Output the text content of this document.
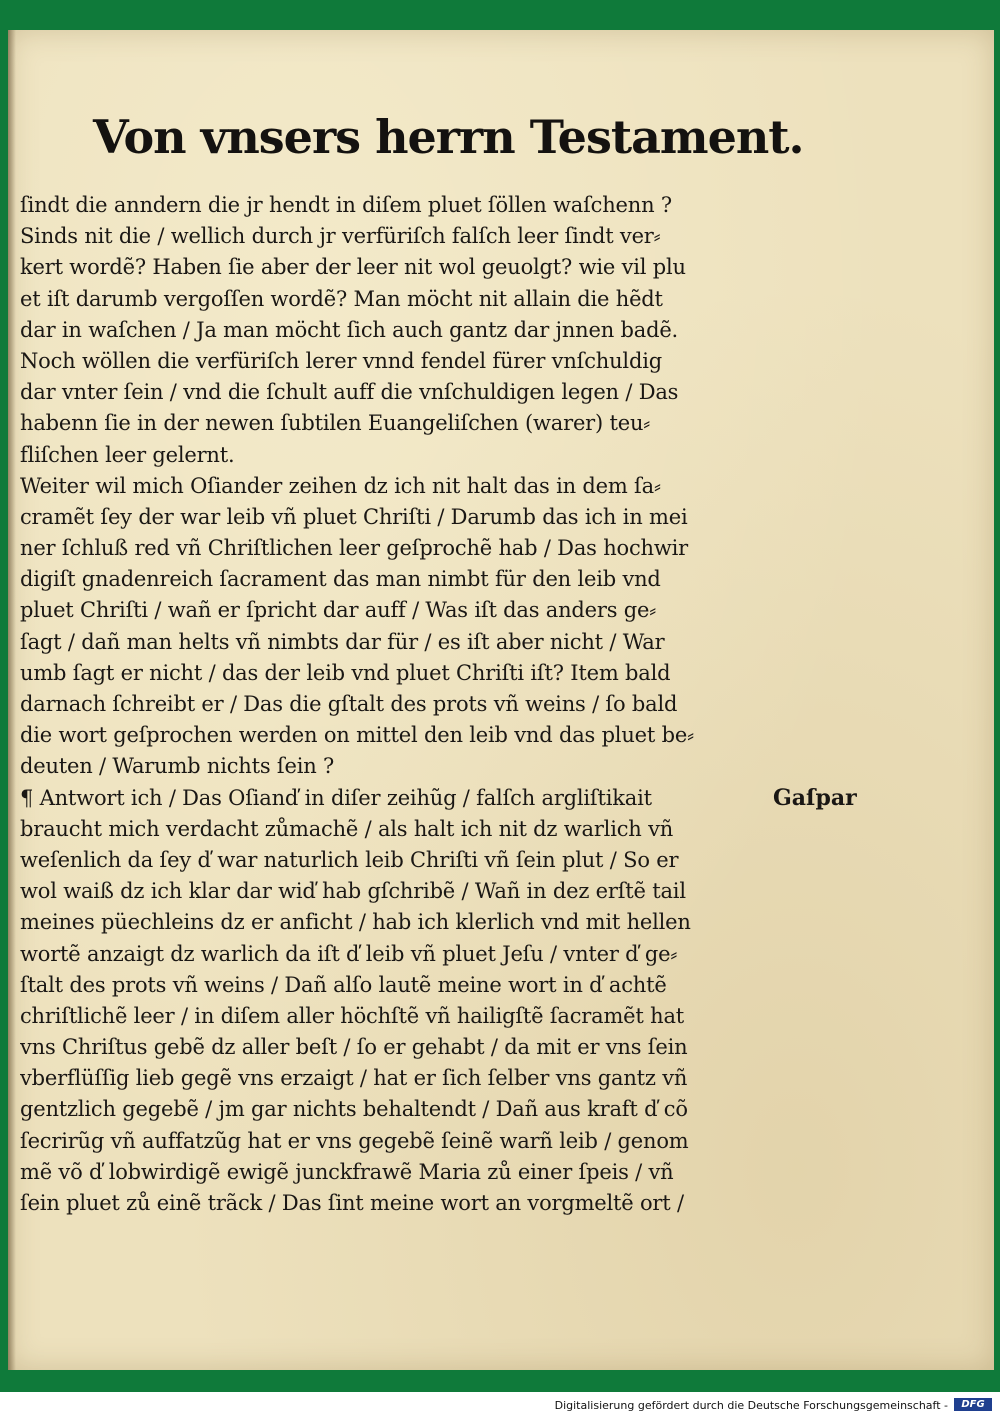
Von vnsers herrn Testament.
ſindt die anndern die jr hendt in diſem pluet ſöllen waſchenn ?
Sinds nit die / wellich durch jr verfüriſch falſch leer ſindt ver⸗
kert wordẽ? Haben ſie aber der leer nit wol geuolgt? wie vil plu
et iſt darumb vergoſſen wordẽ? Man möcht nit allain die hẽdt
dar in waſchen / Ja man möcht ſich auch gantz dar jnnen badẽ.
Noch wöllen die verfüriſch lerer vnnd fendel fürer vnſchuldig
dar vnter ſein / vnd die ſchult auff die vnſchuldigen legen / Das
habenn ſie in der newen ſubtilen Euangeliſchen (warer) teu⸗
fliſchen leer gelernt.
Weiter wil mich Oſiander zeihen dz ich nit halt das in dem ſa⸗
cramẽt ſey der war leib vñ pluet Chriſti / Darumb das ich in mei
ner ſchluß red vñ Chriſtlichen leer geſprochẽ hab / Das hochwir
digiſt gnadenreich ſacrament das man nimbt für den leib vnd
pluet Chriſti / wañ er ſpricht dar auff / Was iſt das anders ge⸗
ſagt / dañ man helts vñ nimbts dar für / es iſt aber nicht / War
umb ſagt er nicht / das der leib vnd pluet Chriſti iſt? Item bald
darnach ſchreibt er / Das die gſtalt des prots vñ weins / ſo bald
die wort geſprochen werden on mittel den leib vnd das pluet be⸗
deuten / Warumb nichts ſein ?
¶ Antwort ich / Das Oſianď in diſer zeihũg / falſch argliſtikait
braucht mich verdacht zůmachẽ / als halt ich nit dz warlich vñ
weſenlich da ſey ď war naturlich leib Chriſti vñ ſein plut / So er
wol waiß dz ich klar dar wiď hab gſchribẽ / Wañ in dez erſtẽ tail
meines püechleins dz er anficht / hab ich klerlich vnd mit hellen
wortẽ anzaigt dz warlich da iſt ď leib vñ pluet Jeſu / vnter ď ge⸗
ſtalt des prots vñ weins / Dañ alſo lautẽ meine wort in ď achtẽ
chriſtlichẽ leer / in diſem aller höchſtẽ vñ hailigſtẽ ſacramẽt hat
vns Chriſtus gebẽ dz aller beſt / ſo er gehabt / da mit er vns ſein
vberflüſſig lieb gegẽ vns erzaigt / hat er ſich ſelber vns gantz vñ
gentzlich gegebẽ / jm gar nichts behaltendt / Dañ aus kraft ď cõ
ſecrirũg vñ auffatzũg hat er vns gegebẽ ſeinẽ warñ leib / genom
mẽ võ ď lobwirdigẽ ewigẽ junckfrawẽ Maria zů einer ſpeis / vñ
ſein pluet zů einẽ trãck / Das ſint meine wort an vorgmeltẽ ort /
Gaſpar
Digitalisierung gefördert durch die Deutsche Forschungsgemeinschaft -	DFG
